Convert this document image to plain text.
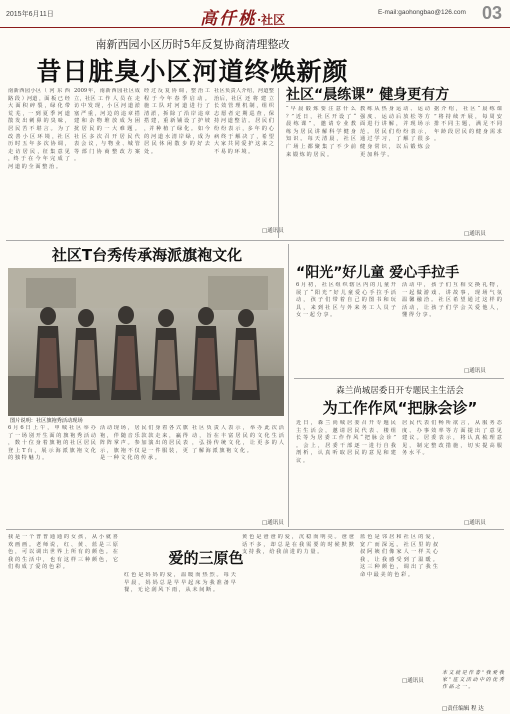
2015年6月11日	高仟桃·社区
E-mail:gaohongbao@126.com 03
南新西园小区历时5年反复协商清理整改
昔日脏臭小区河道终焕新颜
南新西园小区（ 河 东 西 路 段 ）河道 ，面 板 已 经 大 面 积 碎 裂 ，绿 化 带 荒 芜 ，一 到 夏 季 河 道 散 发 出 刺 鼻 的 臭 味 ，居 民 苦 不 堪 言 。 为 了 改 善 小 区 环 境 ，社 区 历 时 五 年 多 次 协 调 ，走 访 居 民 ，征 集 意 见 ，终 于 在 今 年 完 成 了 河 道 的 全 面 整 治 。
2009年，南新西园社区成立，社区 工 作 人 员 在 走 访 中 发 现 ，小 区 河 道 淤 塞 严 重 ，河 边 的 违 章 搭 建 和 杂 物 堆 放 成 为 困 扰 居 民 的 一 大 难 题 。 社 区 多 次 召 开 居 民 代 表 会 议 ，与 物 业 、城 管 等 部 门 协 商 整 改 方 案 。
经 过 反 复 协 调 ，整 治 工 程 于 今 年 春 季 启 动 。 施 工 队 对 河 道 进 行 了 清 淤 ，拆 除 了 沿 岸 违 章 搭 建 ，重 新 铺 设 了 护 坡 ，并 种 植 了 绿 化 。 如 今 的 河 道 水 清 岸 绿 ，成 为 居 民 休 闲 散 步 的 好 去 处 。
社区负责人介绍，河道整治后，社区 还 将 建 立 长 效 管 理 机 制 ，组 织 志 愿 者 定 期 巡 查 ，保 持 河 道 整 洁 。 居 民 们 纷 纷 表 示 ，多 年 的 心 病 终 于 解 决 了 ，希 望 大 家 共 同 爱 护 这 来 之 不 易 的 环 境 。
□通讯员
社区“晨练课” 健身更有方
“ 早 晨 锻 炼 要 注 意 什 么 ？” 近 日 ， 社 区 开 设 了 “ 晨 练 课 ” ， 邀 请 专 业 教 练 为 居 民 讲 解 科 学 健 身 知 识 。 每 天 清 晨 ， 社 区 广 场 上 都 聚 集 了 不 少 前 来 锻 炼 的 居 民 。
教 练 从 热 身 运 动 、 运 动 强 度 、 运 动 后 放 松 等 方 面 进 行 讲 解 ， 并 现 场 示 范 。 居 民 们 纷 纷 表 示 ， 通 过 学 习 ， 了 解 了 很 多 健 身 常 识 ， 以 后 锻 炼 会 更 加 科 学 。
据 介 绍 ， 社 区 “ 晨 练 课 ” 将 持 续 开 展 ， 每 周 安 排 不 同 主 题 ， 满 足 不 同 年 龄 段 居 民 的 健 身 需 求 。
□通讯员
社区T台秀传承海派旗袍文化
图片说明：社区旗袍秀活动现场
6 月 6 日 上 午 ， 申 城 社 区 举 办 了 一 场 别 开 生 面 的 旗 袍 秀 活 动 ， 数 十 位 身 着 旗 袍 的 社 区 居 民 登 上 T 台 ， 展 示 海 派 旗 袍 文 化 的 独 特 魅 力 。
活 动 现 场 ， 居 民 们 身 着 各 式 旗 袍 ， 伴 随 音 乐 款 款 走 来 ， 赢 得 阵 阵 掌 声 。 参 加 演 出 的 居 民 表 示 ， 旗 袍 不 仅 是 一 件 服 装 ， 更 是 一 种 文 化 的 传 承 。
社 区 负 责 人 表 示 ， 举 办 此 次 活 动 ， 旨 在 丰 富 居 民 的 文 化 生 活 ， 弘 扬 传 统 文 化 ， 让 更 多 的 人 了 解 海 派 旗 袍 文 化 。
□通讯员
“阳光”好儿童 爱心手拉手
6 月 初 ， 社 区 组 织 辖 区 内 的 儿 童 开 展 了 “ 阳 光 ” 好 儿 童 爱 心 手 拉 手 活 动 ， 孩 子 们 带 着 自 己 的 图 书 和 玩 具 ， 来 到 社 区 与 外 来 务 工 人 员 子 女 一 起 分 享 。
活 动 中 ， 孩 子 们 互 相 交 换 礼 物 ， 一 起 做 游 戏 、 讲 故 事 ， 现 场 气 氛 温 馨 融 洽 。 社 区 希 望 通 过 这 样 的 活 动 ， 让 孩 子 们 学 会 关 爱 他 人 ， 懂 得 分 享 。
□通讯员
森兰尚城居委日开专题民主生活会
为工作作风“把脉会诊”
近 日 ， 森 兰 尚 城 居 委 召 开 专 题 民 主 生 活 会 ， 邀 请 居 民 代 表 、 楼 组 长 等 为 居 委 工 作 作 风 “ 把 脉 会 诊 ” 。 会 上 ， 居 委 干 部 逐 一 进 行 自 我 剖 析 ， 认 真 听 取 居 民 的 意 见 和 建 议 。
居 民 代 表 们 畅 所 欲 言 ， 从 服 务 态 度 、 办 事 效 率 等 方 面 提 出 了 意 见 建 议 。 居 委 表 示 ， 将 认 真 梳 理 意 见 ， 制 定 整 改 措 施 ， 切 实 提 高 服 务 水 平 。
□通讯员
爱的三原色
我 是 一 个 普 普 通 通 的 女 孩 ， 从 小 就 喜 欢 画 画 。 老 师 说 ， 红 、 黄 、 蓝 是 三 原 色 ， 可 以 调 出 世 界 上 所 有 的 颜 色 。 在 我 的 生 活 中 ， 也 有 这 样 三 种 颜 色 ， 它 们 构 成 了 爱 的 色 彩 。
红 色 是 妈 妈 的 爱 ， 温 暖 而 热 烈 。 每 天 早 晨 ， 妈 妈 总 是 早 早 起 床 为 我 准 备 早 餐 ， 无 论 刮 风 下 雨 ， 从 未 间 断 。
黄 色 是 爸 爸 的 爱 ， 沉 稳 而 明 亮 。 爸 爸 话 不 多 ， 却 总 是 在 我 需 要 的 时 候 默 默 支 持 我 ， 给 我 前 进 的 力 量 。
蓝 色 是 邻 居 和 社 区 的 爱 ， 宽 广 而 深 远 。 社 区 里 的 叔 叔 阿 姨 们 像 家 人 一 样 关 心 我 ， 让 我 感 受 到 了 温 暖 。 这 三 种 颜 色 ， 调 出 了 我 生 命 中 最 美 的 色 彩 。
□通讯员
本 文 就 是 作 者 “ 我 爱 我 家 ” 征 文 活 动 中 的 优 秀 作 品 之 一 。
□责任编辑 程 达
